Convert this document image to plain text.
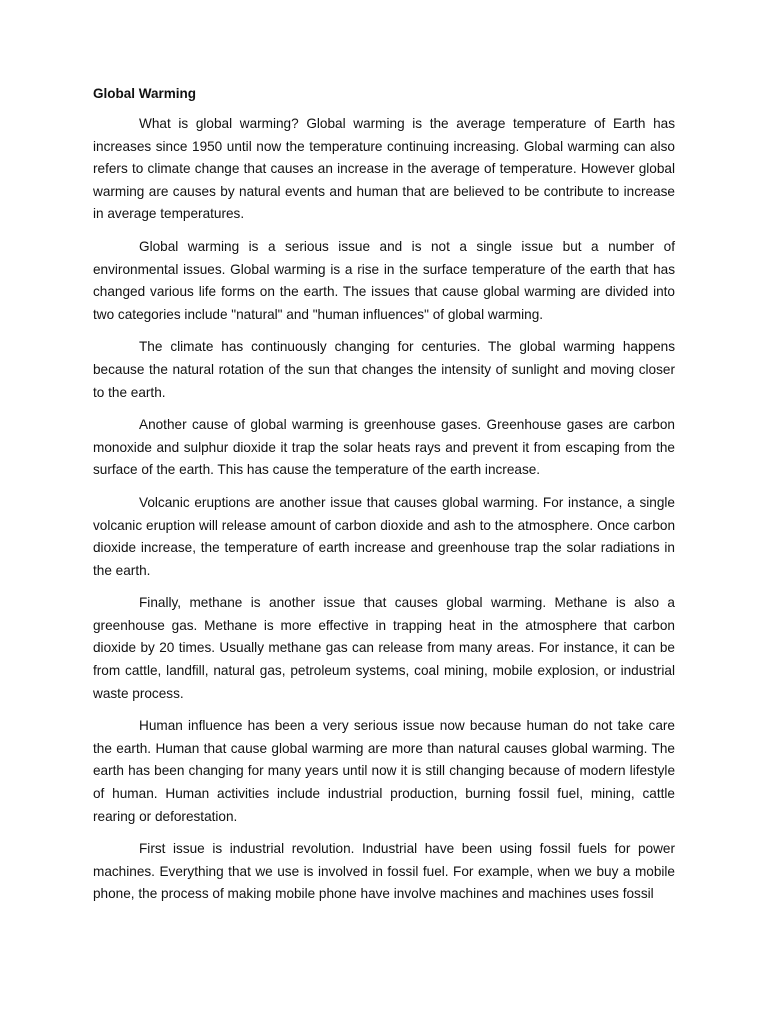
Global Warming

What is global warming? Global warming is the average temperature of Earth has increases since 1950 until now the temperature continuing increasing. Global warming can also refers to climate change that causes an increase in the average of temperature. However global warming are causes by natural events and human that are believed to be contribute to increase in average temperatures.

Global warming is a serious issue and is not a single issue but a number of environmental issues. Global warming is a rise in the surface temperature of the earth that has changed various life forms on the earth. The issues that cause global warming are divided into two categories include "natural" and "human influences" of global warming.

The climate has continuously changing for centuries. The global warming happens because the natural rotation of the sun that changes the intensity of sunlight and moving closer to the earth.

Another cause of global warming is greenhouse gases. Greenhouse gases are carbon monoxide and sulphur dioxide it trap the solar heats rays and prevent it from escaping from the surface of the earth. This has cause the temperature of the earth increase.

Volcanic eruptions are another issue that causes global warming. For instance, a single volcanic eruption will release amount of carbon dioxide and ash to the atmosphere. Once carbon dioxide increase, the temperature of earth increase and greenhouse trap the solar radiations in the earth.

Finally, methane is another issue that causes global warming. Methane is also a greenhouse gas. Methane is more effective in trapping heat in the atmosphere that carbon dioxide by 20 times. Usually methane gas can release from many areas. For instance, it can be from cattle, landfill, natural gas, petroleum systems, coal mining, mobile explosion, or industrial waste process.

Human influence has been a very serious issue now because human do not take care the earth. Human that cause global warming are more than natural causes global warming. The earth has been changing for many years until now it is still changing because of modern lifestyle of human. Human activities include industrial production, burning fossil fuel, mining, cattle rearing or deforestation.

First issue is industrial revolution. Industrial have been using fossil fuels for power machines. Everything that we use is involved in fossil fuel. For example, when we buy a mobile phone, the process of making mobile phone have involve machines and machines uses fossil
